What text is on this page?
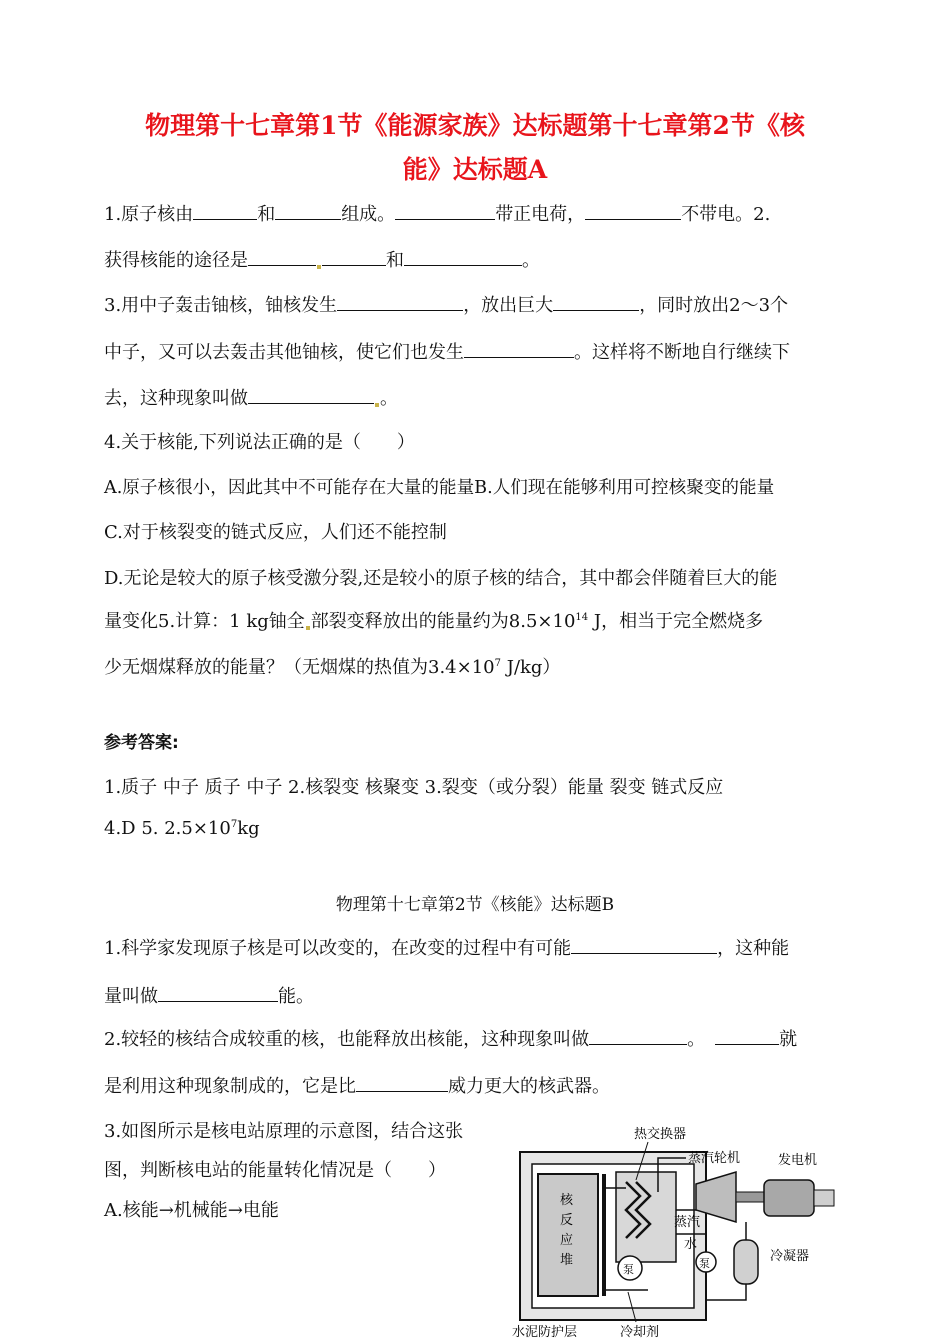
物理第十七章第1节《能源家族》达标题第十七章第2节《核
能》达标题A
1.原子核由	和	组成。	带正电荷，	不带电。2.
获得核能的途径是	和	。
3.用中子轰击铀核，铀核发生	，放出巨大	，同时放出2～3个
中子，又可以去轰击其他铀核，使它们也发生	。这样将不断地自行继续下
去，这种现象叫做	。
4.关于核能,下列说法正确的是（　　）
A.原子核很小，因此其中不可能存在大量的能量B.人们现在能够利用可控核聚变的能量
C.对于核裂变的链式反应，人们还不能控制
D.无论是较大的原子核受激分裂,还是较小的原子核的结合，其中都会伴随着巨大的能
量变化5.计算：1 kg铀全 部裂变释放出的能量约为$8.5\times 10^{14}$ J，相当于完全燃烧多
少无烟煤释放的能量？（无烟煤的热值为$3.4\times 10^7$ J/kg）
参考答案:
1.质子 中子 质子 中子 2.核裂变 核聚变 3.裂变（或分裂）能量 裂变 链式反应
4.D 5. $2.5\times 10^7kg$
物理第十七章第2节《核能》达标题B
1.科学家发现原子核是可以改变的，在改变的过程中有可能	，这种能
量叫做	能。
2.较轻的核结合成较重的核，也能释放出核能，这种现象叫做	。	就
是利用这种现象制成的，它是比	威力更大的核武器。
3.如图所示是核电站原理的示意图，结合这张
图，判断核电站的能量转化情况是（　　）
A.核能→机械能→电能
热交换器
蒸汽轮机	发电机
核
反
应
堆
蒸汽
水
泵	泵	冷凝器
水泥防护层	冷却剂
